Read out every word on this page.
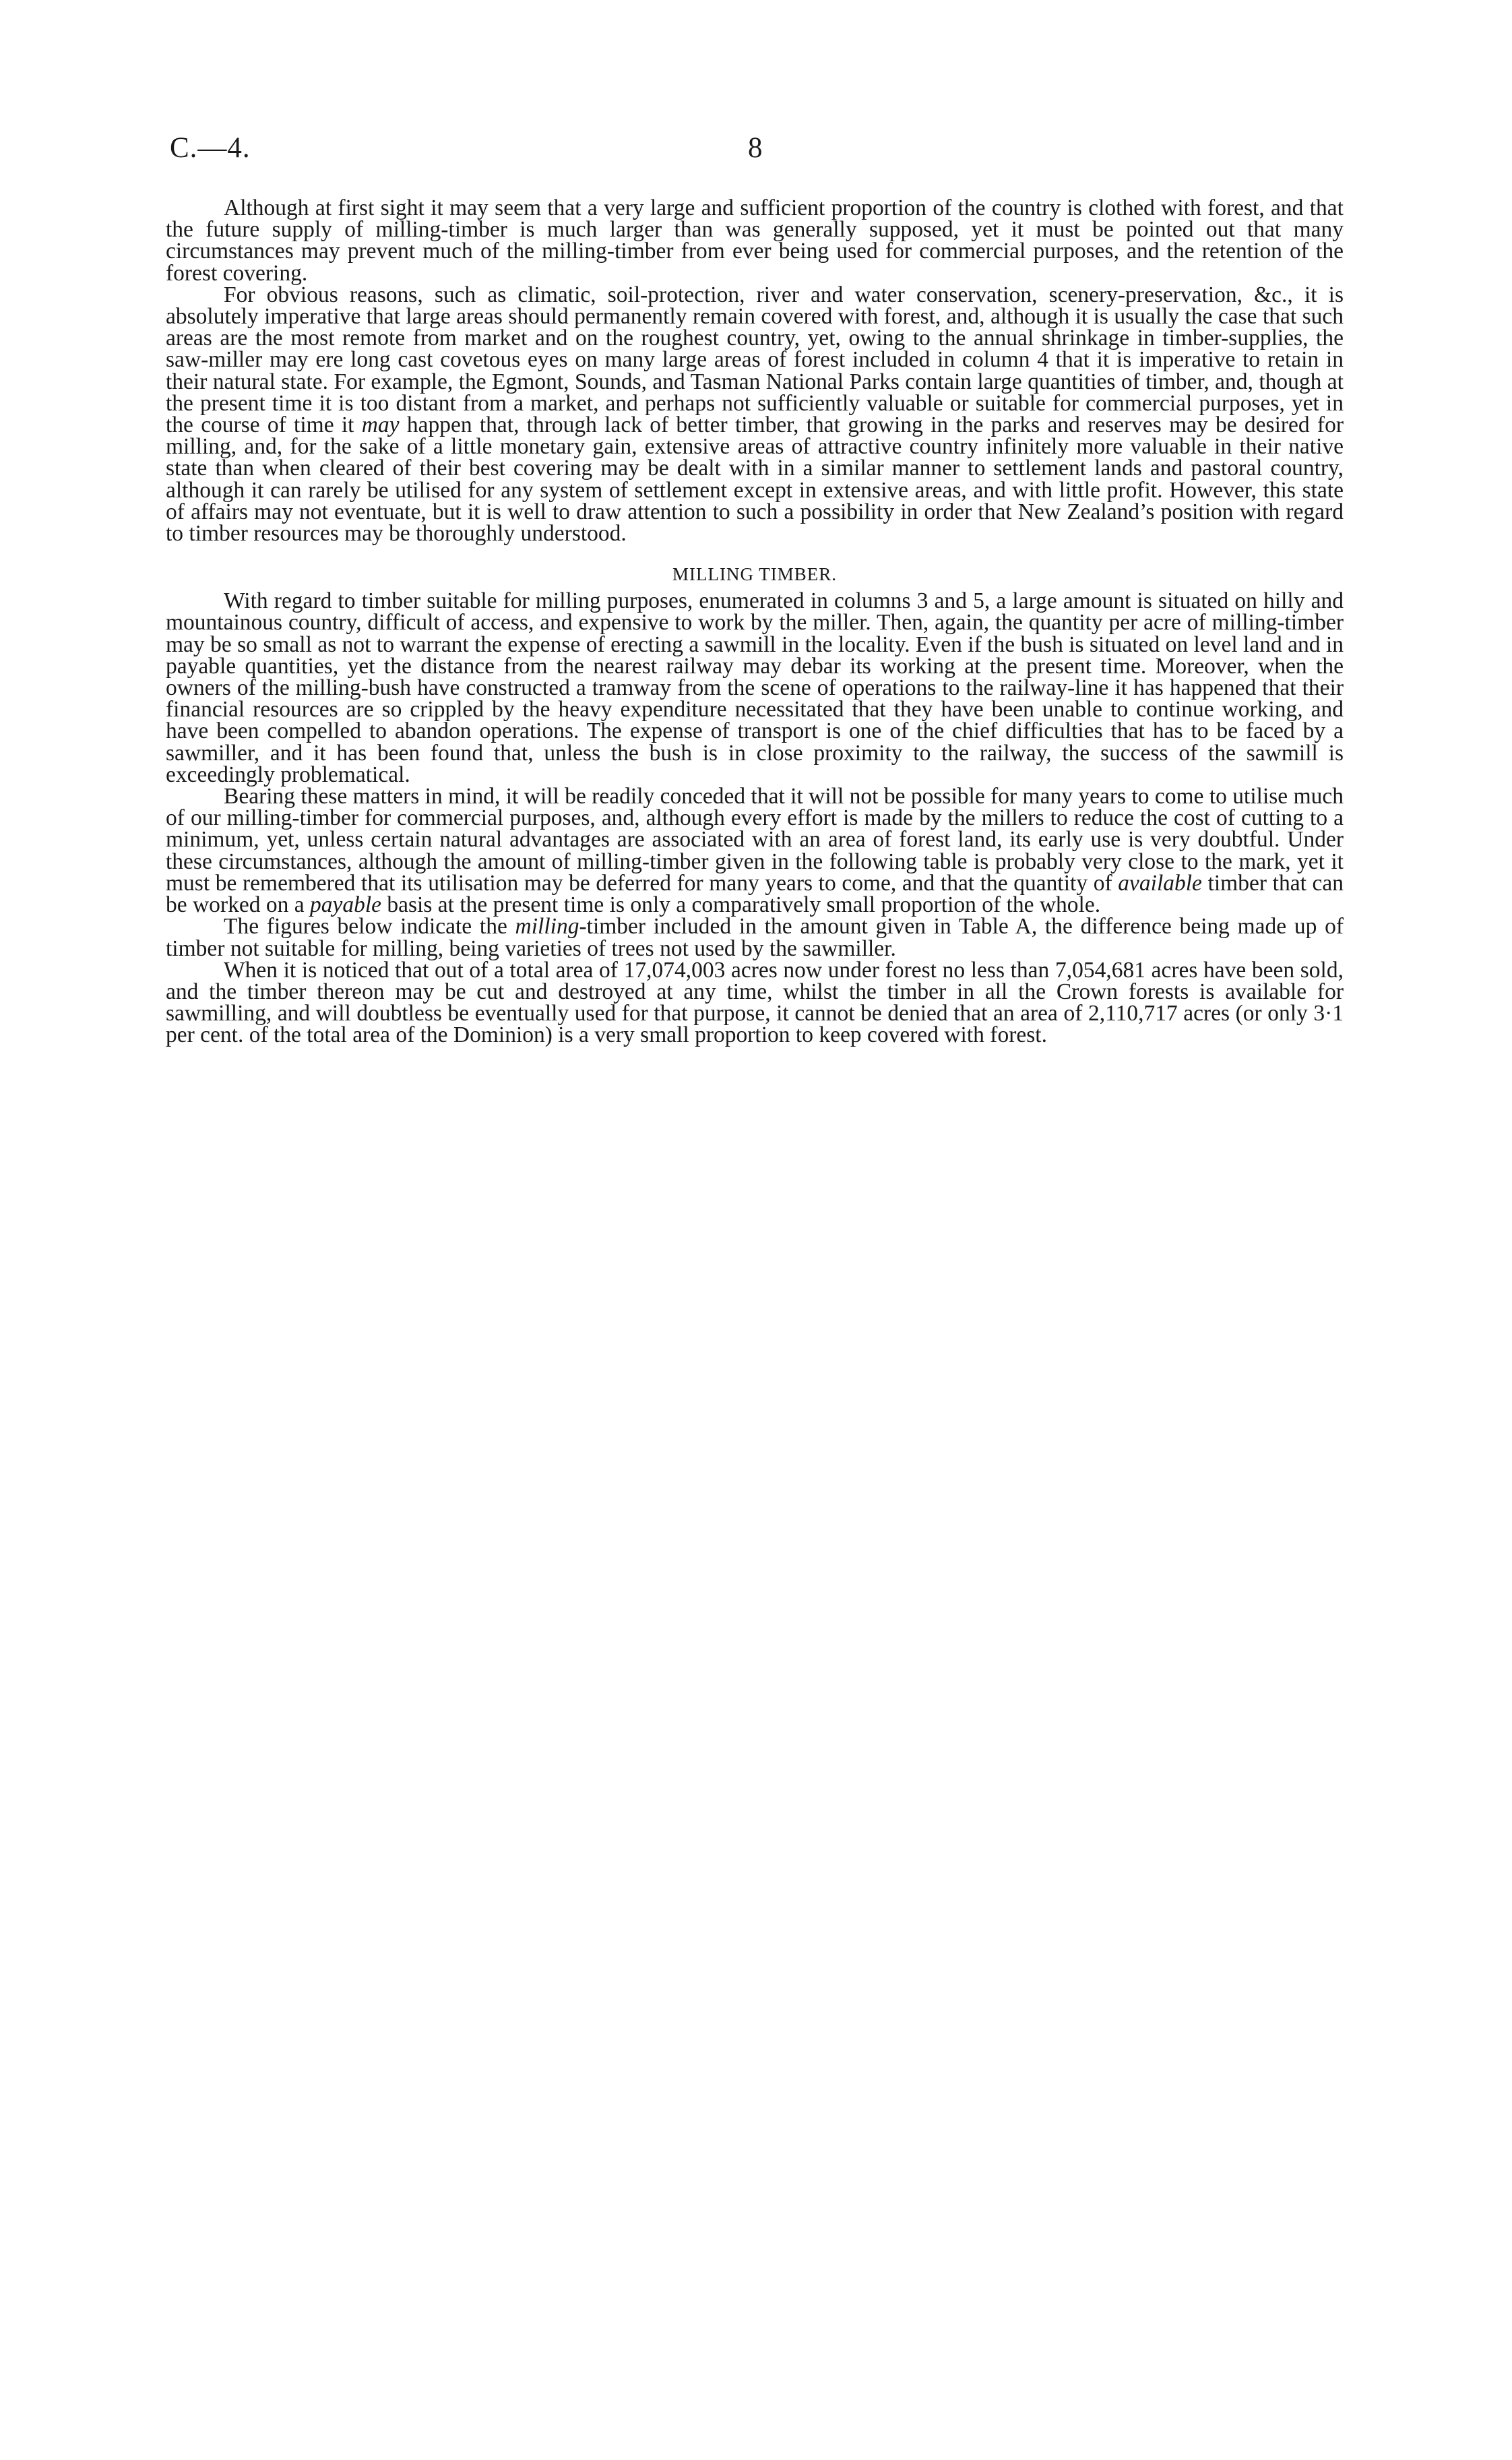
C.—4.	8

Although at first sight it may seem that a very large and sufficient proportion of the country is clothed with forest, and that the future supply of milling-timber is much larger than was generally supposed, yet it must be pointed out that many circumstances may prevent much of the milling-timber from ever being used for commercial purposes, and the retention of the forest covering.

For obvious reasons, such as climatic, soil-protection, river and water conservation, scenery-preservation, &c., it is absolutely imperative that large areas should permanently remain covered with forest, and, although it is usually the case that such areas are the most remote from market and on the roughest country, yet, owing to the annual shrinkage in timber-supplies, the saw-miller may ere long cast covetous eyes on many large areas of forest included in column 4 that it is imperative to retain in their natural state. For example, the Egmont, Sounds, and Tasman National Parks contain large quantities of timber, and, though at the present time it is too distant from a market, and perhaps not sufficiently valuable or suitable for commercial purposes, yet in the course of time it may happen that, through lack of better timber, that growing in the parks and reserves may be desired for milling, and, for the sake of a little monetary gain, extensive areas of attractive country infinitely more valuable in their native state than when cleared of their best covering may be dealt with in a similar manner to settlement lands and pastoral country, although it can rarely be utilised for any system of settlement except in extensive areas, and with little profit. However, this state of affairs may not eventuate, but it is well to draw attention to such a possibility in order that New Zealand’s position with regard to timber resources may be thoroughly understood.

MILLING TIMBER.

With regard to timber suitable for milling purposes, enumerated in columns 3 and 5, a large amount is situated on hilly and mountainous country, difficult of access, and expensive to work by the miller. Then, again, the quantity per acre of milling-timber may be so small as not to warrant the expense of erecting a sawmill in the locality. Even if the bush is situated on level land and in payable quantities, yet the distance from the nearest railway may debar its working at the present time. Moreover, when the owners of the milling-bush have constructed a tramway from the scene of operations to the railway-line it has happened that their financial resources are so crippled by the heavy expenditure necessitated that they have been unable to continue working, and have been compelled to abandon operations. The expense of transport is one of the chief difficulties that has to be faced by a sawmiller, and it has been found that, unless the bush is in close proximity to the railway, the success of the sawmill is exceedingly problematical.

Bearing these matters in mind, it will be readily conceded that it will not be possible for many years to come to utilise much of our milling-timber for commercial purposes, and, although every effort is made by the millers to reduce the cost of cutting to a minimum, yet, unless certain natural advantages are associated with an area of forest land, its early use is very doubtful. Under these circumstances, although the amount of milling-timber given in the following table is probably very close to the mark, yet it must be remembered that its utilisation may be deferred for many years to come, and that the quantity of available timber that can be worked on a payable basis at the present time is only a comparatively small proportion of the whole.

The figures below indicate the milling-timber included in the amount given in Table A, the difference being made up of timber not suitable for milling, being varieties of trees not used by the sawmiller.

When it is noticed that out of a total area of 17,074,003 acres now under forest no less than 7,054,681 acres have been sold, and the timber thereon may be cut and destroyed at any time, whilst the timber in all the Crown forests is available for sawmilling, and will doubtless be eventually used for that purpose, it cannot be denied that an area of 2,110,717 acres (or only 3·1 per cent. of the total area of the Dominion) is a very small proportion to keep covered with forest.
